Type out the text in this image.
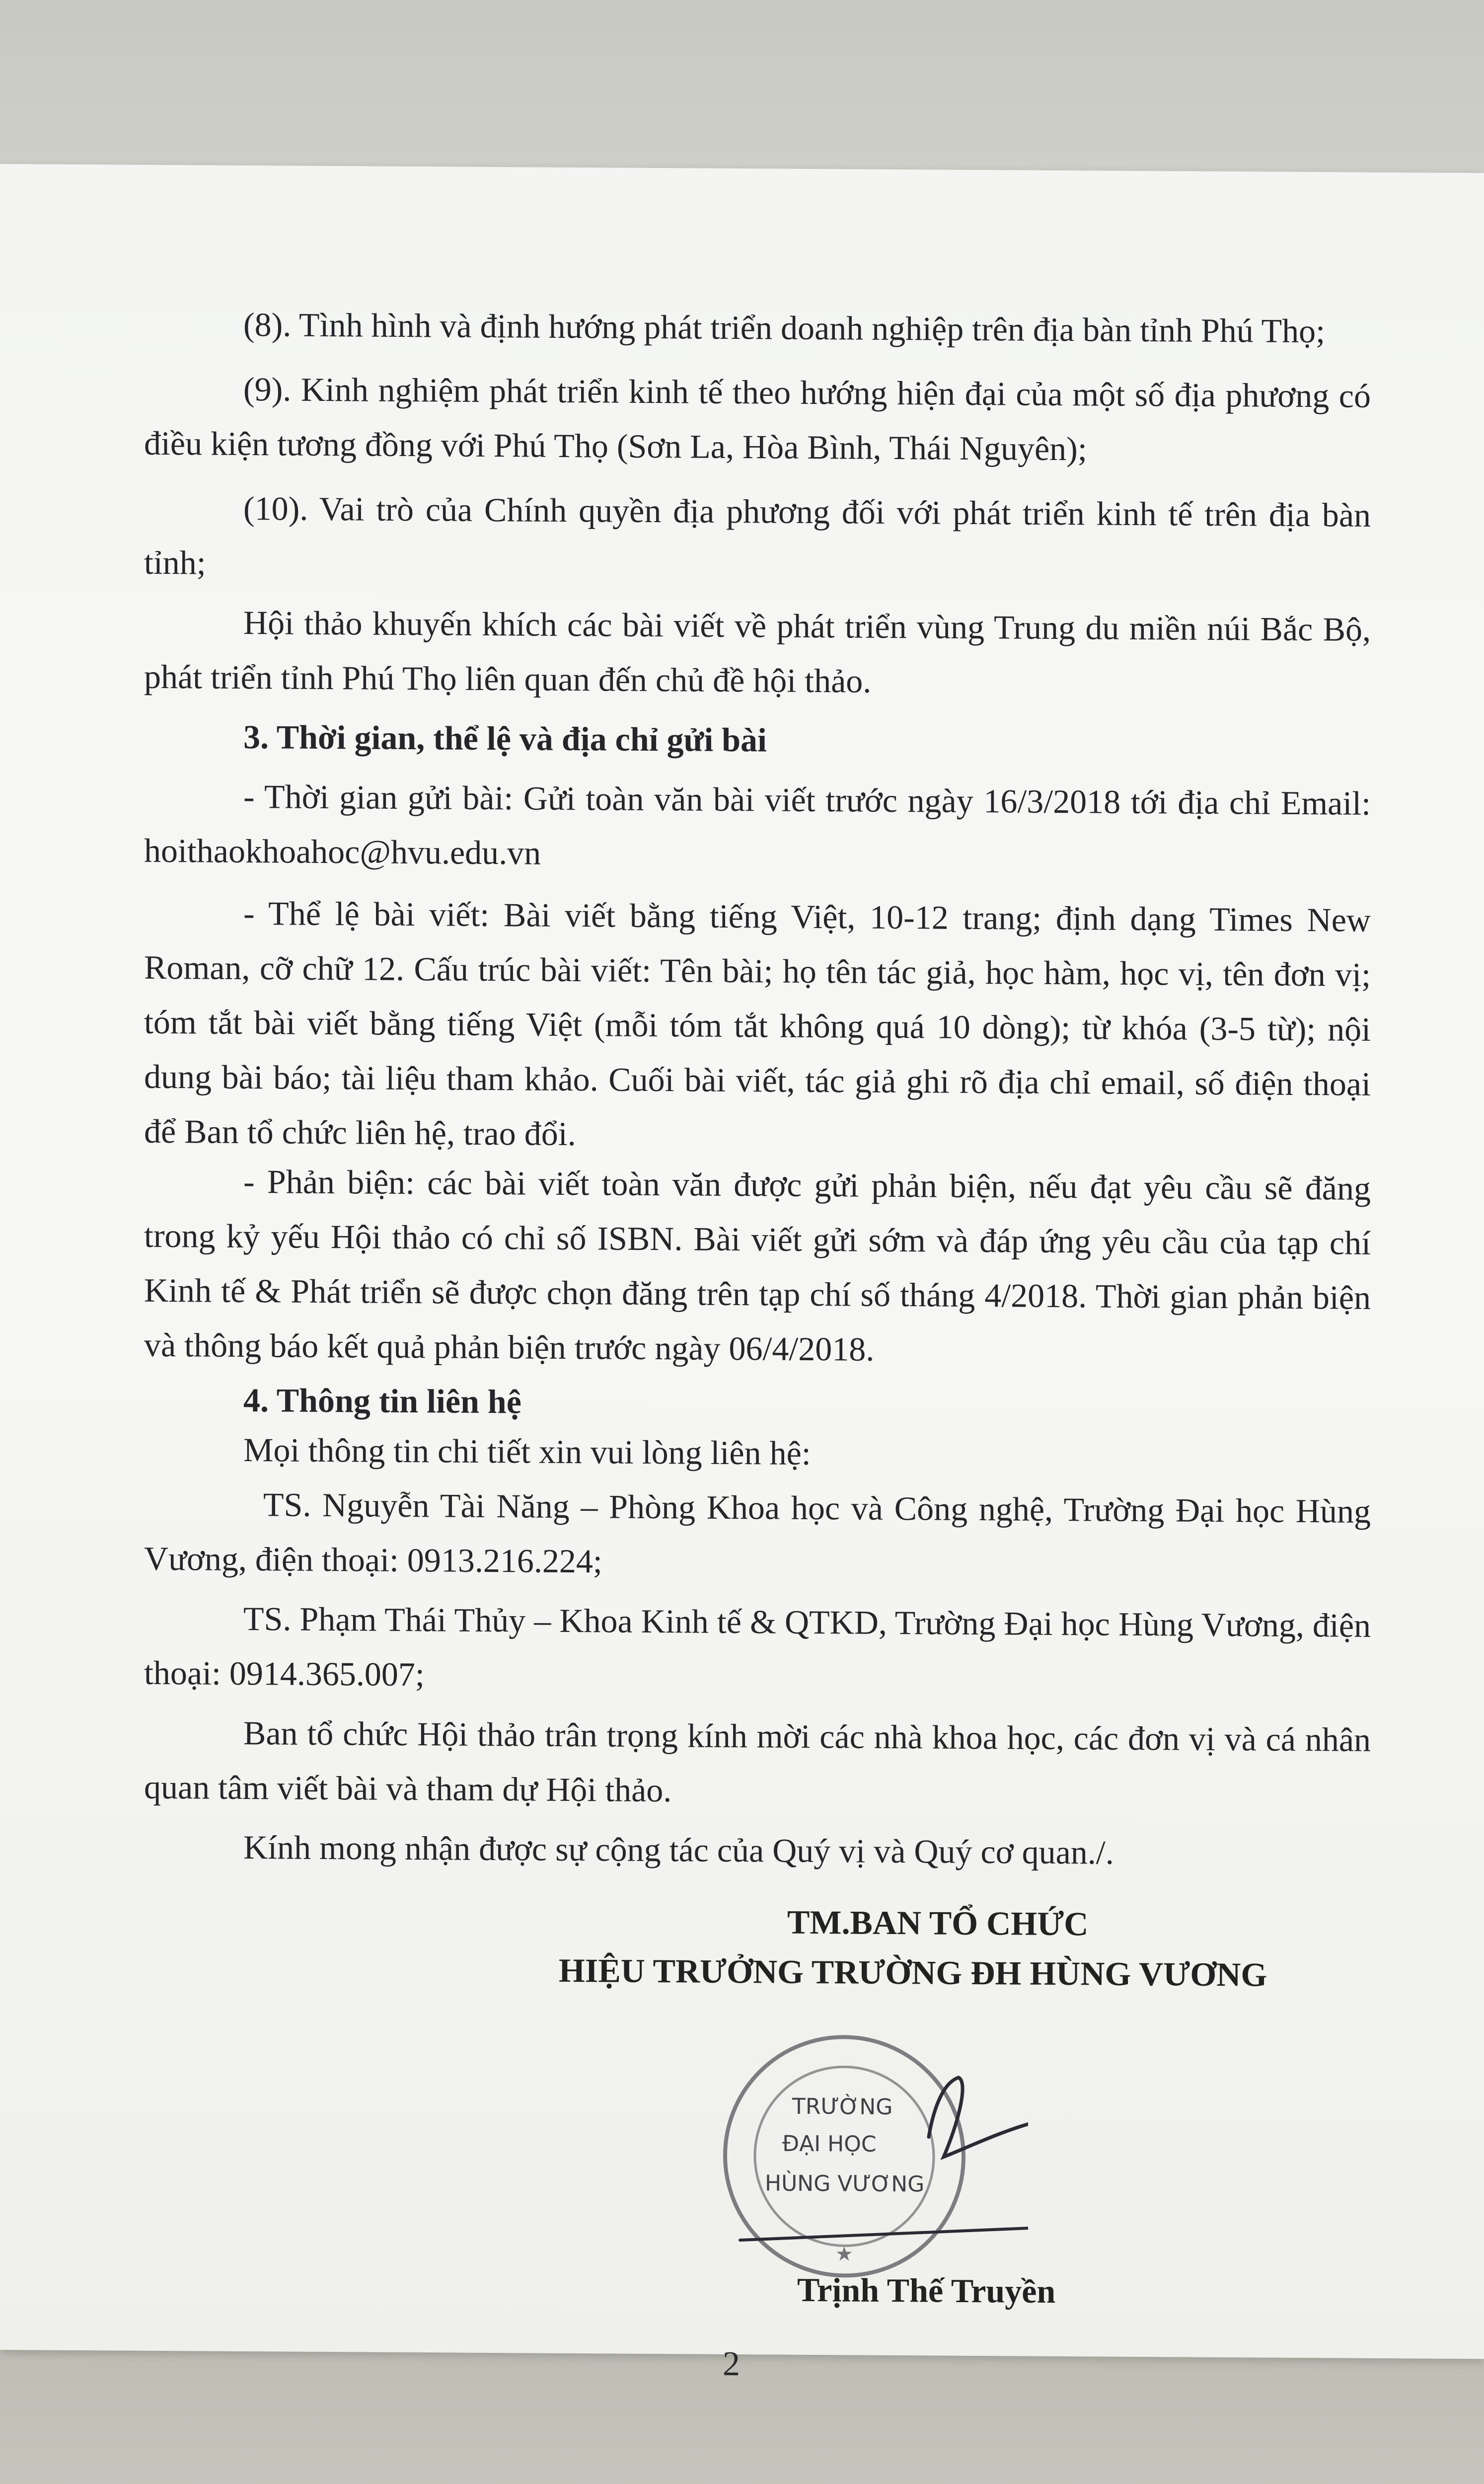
(8). Tình hình và định hướng phát triển doanh nghiệp trên địa bàn tỉnh Phú Thọ;
(9). Kinh nghiệm phát triển kinh tế theo hướng hiện đại của một số địa phương có điều kiện tương đồng với Phú Thọ (Sơn La, Hòa Bình, Thái Nguyên);
(10). Vai trò của Chính quyền địa phương đối với phát triển kinh tế trên địa bàn tỉnh;
Hội thảo khuyến khích các bài viết về phát triển vùng Trung du miền núi Bắc Bộ, phát triển tỉnh Phú Thọ liên quan đến chủ đề hội thảo.
3. Thời gian, thể lệ và địa chỉ gửi bài
- Thời gian gửi bài: Gửi toàn văn bài viết trước ngày 16/3/2018 tới địa chỉ Email: hoithaokhoahoc@hvu.edu.vn
- Thể lệ bài viết: Bài viết bằng tiếng Việt, 10-12 trang; định dạng Times New Roman, cỡ chữ 12. Cấu trúc bài viết: Tên bài; họ tên tác giả, học hàm, học vị, tên đơn vị; tóm tắt bài viết bằng tiếng Việt (mỗi tóm tắt không quá 10 dòng); từ khóa (3-5 từ); nội dung bài báo; tài liệu tham khảo. Cuối bài viết, tác giả ghi rõ địa chỉ email, số điện thoại để Ban tổ chức liên hệ, trao đổi.
- Phản biện: các bài viết toàn văn được gửi phản biện, nếu đạt yêu cầu sẽ đăng trong kỷ yếu Hội thảo có chỉ số ISBN. Bài viết gửi sớm và đáp ứng yêu cầu của tạp chí Kinh tế & Phát triển sẽ được chọn đăng trên tạp chí số tháng 4/2018. Thời gian phản biện và thông báo kết quả phản biện trước ngày 06/4/2018.
4. Thông tin liên hệ
Mọi thông tin chi tiết xin vui lòng liên hệ:
TS. Nguyễn Tài Năng – Phòng Khoa học và Công nghệ, Trường Đại học Hùng Vương, điện thoại: 0913.216.224;
TS. Phạm Thái Thủy – Khoa Kinh tế & QTKD, Trường Đại học Hùng Vương, điện thoại: 0914.365.007;
Ban tổ chức Hội thảo trân trọng kính mời các nhà khoa học, các đơn vị và cá nhân quan tâm viết bài và tham dự Hội thảo.
Kính mong nhận được sự cộng tác của Quý vị và Quý cơ quan./.
TM.BAN TỔ CHỨC
HIỆU TRƯỞNG TRƯỜNG ĐH HÙNG VƯƠNG
★
TRƯỜNG
ĐẠI HỌC
HÙNG VƯƠNG
Trịnh Thế Truyền
2
